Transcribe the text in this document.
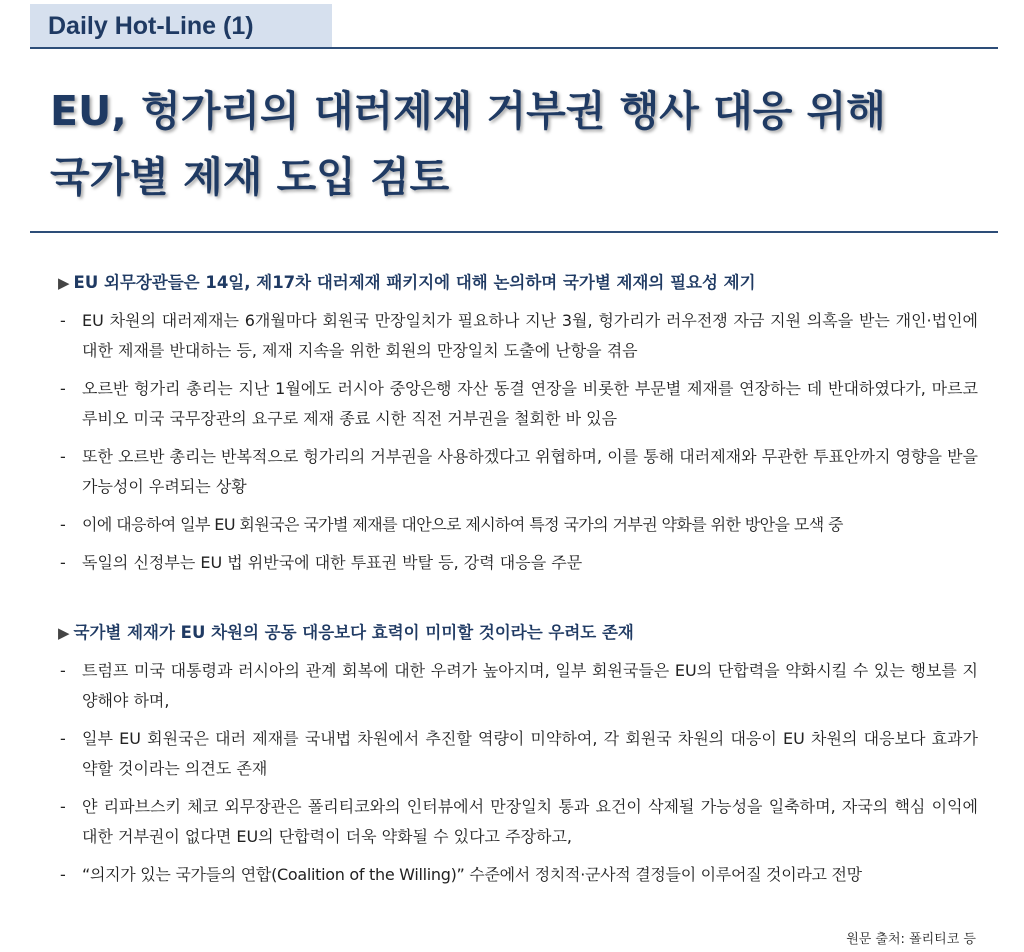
Daily Hot-Line (1)
EU, 헝가리의 대러제재 거부권 행사 대응 위해
국가별 제재 도입 검토
▶ EU 외무장관들은 14일, 제17차 대러제재 패키지에 대해 논의하며 국가별 제재의 필요성 제기
- EU 차원의 대러제재는 6개월마다 회원국 만장일치가 필요하나 지난 3월, 헝가리가 러우전쟁 자금 지원 의혹을 받는 개인·법인에 대한 제재를 반대하는 등, 제재 지속을 위한 회원의 만장일치 도출에 난항을 겪음
- 오르반 헝가리 총리는 지난 1월에도 러시아 중앙은행 자산 동결 연장을 비롯한 부문별 제재를 연장하는 데 반대하였다가, 마르코 루비오 미국 국무장관의 요구로 제재 종료 시한 직전 거부권을 철회한 바 있음
- 또한 오르반 총리는 반복적으로 헝가리의 거부권을 사용하겠다고 위협하며, 이를 통해 대러제재와 무관한 투표안까지 영향을 받을 가능성이 우려되는 상황
- 이에 대응하여 일부 EU 회원국은 국가별 제재를 대안으로 제시하여 특정 국가의 거부권 약화를 위한 방안을 모색 중
- 독일의 신정부는 EU 법 위반국에 대한 투표권 박탈 등, 강력 대응을 주문
▶ 국가별 제재가 EU 차원의 공동 대응보다 효력이 미미할 것이라는 우려도 존재
- 트럼프 미국 대통령과 러시아의 관계 회복에 대한 우려가 높아지며, 일부 회원국들은 EU의 단합력을 약화시킬 수 있는 행보를 지양해야 하며,
- 일부 EU 회원국은 대러 제재를 국내법 차원에서 추진할 역량이 미약하여, 각 회원국 차원의 대응이 EU 차원의 대응보다 효과가 약할 것이라는 의견도 존재
- 얀 리파브스키 체코 외무장관은 폴리티코와의 인터뷰에서 만장일치 통과 요건이 삭제될 가능성을 일축하며, 자국의 핵심 이익에 대한 거부권이 없다면 EU의 단합력이 더욱 약화될 수 있다고 주장하고,
- “의지가 있는 국가들의 연합(Coalition of the Willing)” 수준에서 정치적·군사적 결정들이 이루어질 것이라고 전망
원문 출처: 폴리티코 등
